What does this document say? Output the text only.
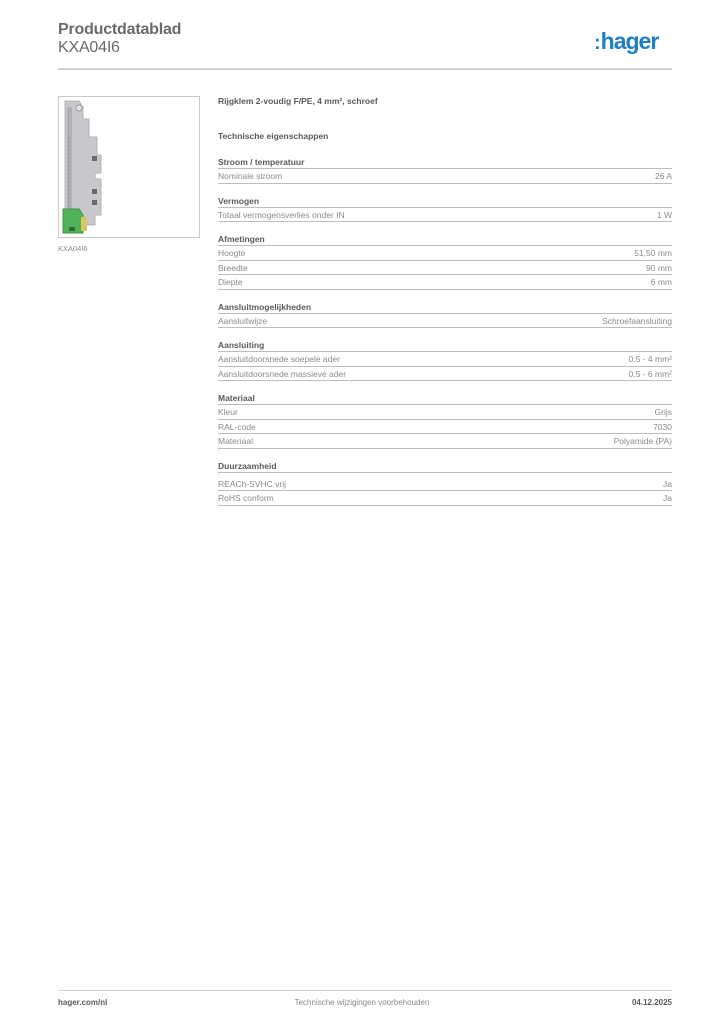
Productdatablad
KXA04I6	:hager
KXA04I6
Rijgklem 2-voudig F/PE, 4 mm², schroef
Technische eigenschappen
Stroom / temperatuur
Nominale stroom	26 A
Vermogen
Totaal vermogensverlies onder IN	1 W
Afmetingen
Hoogte	51,50 mm
Breedte	90 mm
Diepte	6 mm
Aansluitmogelijkheden
Aansluitwijze	Schroefaansluiting
Aansluiting
Aansluitdoorsnede soepele ader	0.5 - 4 mm²
Aansluitdoorsnede massieve ader	0.5 - 6 mm²
Materiaal
Kleur	Grijs
RAL-code	7030
Materiaal	Polyamide (PA)
Duurzaamheid
REACh-SVHC vrij	Ja
RoHS conform	Ja
hager.com/nl	Technische wijzigingen voorbehouden	04.12.2025
